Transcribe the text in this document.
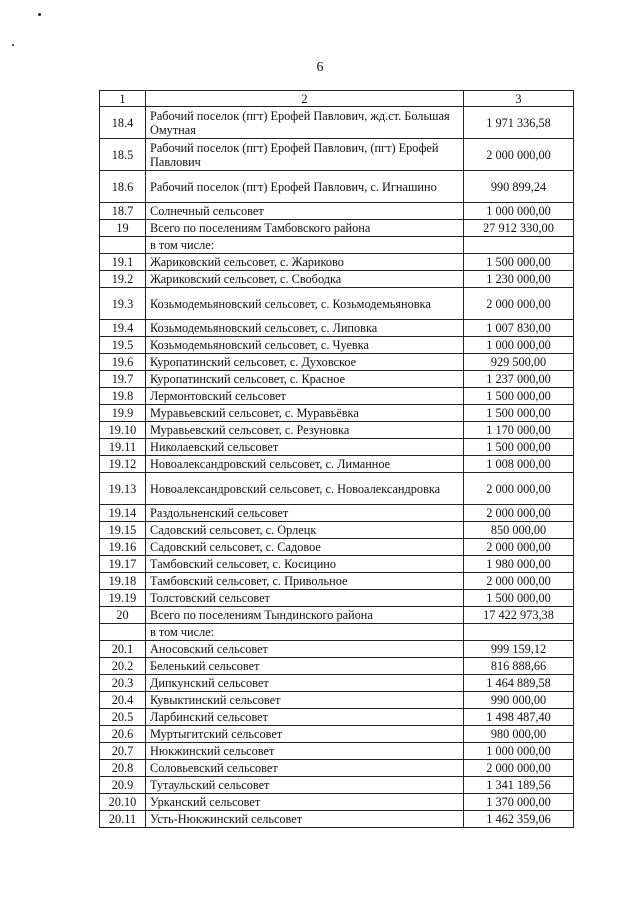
6
1	2	3
18.4	Рабочий поселок (пгт) Ерофей Павлович, жд.ст. Большая Омутная	1 971 336,58
18.5	Рабочий поселок (пгт) Ерофей Павлович, (пгт) Ерофей Павлович	2 000 000,00
18.6	Рабочий поселок (пгт) Ерофей Павлович, с. Игнашино	990 899,24
18.7	Солнечный сельсовет	1 000 000,00
19	Всего по поселениям Тамбовского района	27 912 330,00
	в том числе:	
19.1	Жариковский сельсовет, с. Жариково	1 500 000,00
19.2	Жариковский сельсовет, с. Свободка	1 230 000,00
19.3	Козьмодемьяновский сельсовет, с. Козьмодемьяновка	2 000 000,00
19.4	Козьмодемьяновский сельсовет, с. Липовка	1 007 830,00
19.5	Козьмодемьяновский сельсовет, с. Чуевка	1 000 000,00
19.6	Куропатинский сельсовет, с. Духовское	929 500,00
19.7	Куропатинский сельсовет, с. Красное	1 237 000,00
19.8	Лермонтовский сельсовет	1 500 000,00
19.9	Муравьевский сельсовет, с. Муравьёвка	1 500 000,00
19.10	Муравьевский сельсовет, с. Резуновка	1 170 000,00
19.11	Николаевский сельсовет	1 500 000,00
19.12	Новоалександровский сельсовет, с. Лиманное	1 008 000,00
19.13	Новоалександровский сельсовет, с. Новоалександровка	2 000 000,00
19.14	Раздольненский сельсовет	2 000 000,00
19.15	Садовский сельсовет, с. Орлецк	850 000,00
19.16	Садовский сельсовет, с. Садовое	2 000 000,00
19.17	Тамбовский сельсовет, с. Косицино	1 980 000,00
19.18	Тамбовский сельсовет, с. Привольное	2 000 000,00
19.19	Толстовский сельсовет	1 500 000,00
20	Всего по поселениям Тындинского района	17 422 973,38
	в том числе:	
20.1	Аносовский сельсовет	999 159,12
20.2	Беленький сельсовет	816 888,66
20.3	Дипкунский сельсовет	1 464 889,58
20.4	Кувыктинский сельсовет	990 000,00
20.5	Ларбинский сельсовет	1 498 487,40
20.6	Муртыгитский сельсовет	980 000,00
20.7	Нюкжинский сельсовет	1 000 000,00
20.8	Соловьевский сельсовет	2 000 000,00
20.9	Тутаульский сельсовет	1 341 189,56
20.10	Урканский сельсовет	1 370 000,00
20.11	Усть-Нюкжинский сельсовет	1 462 359,06
